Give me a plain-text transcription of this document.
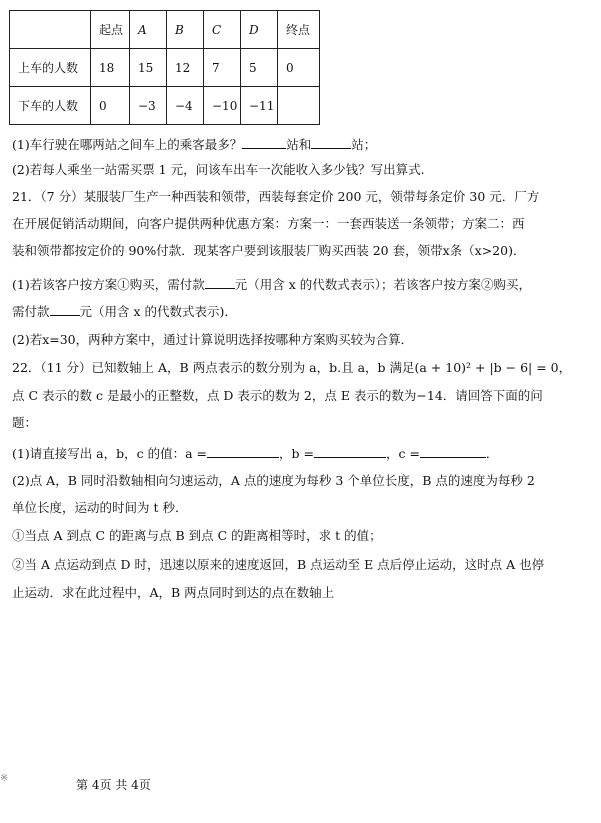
	起点	A	B	C	D	终点
上车的人数	18	15	12	7	5	0
下车的人数	0	−3	−4	−10	−11	
(1)车行驶在哪两站之间车上的乘客最多？	站和	站；
(2)若每人乘坐一站需买票 1 元，问该车出车一次能收入多少钱？写出算式.
21．（7 分）某服装厂生产一种西装和领带，西装每套定价 200 元，领带每条定价 30 元．厂方
在开展促销活动期间，向客户提供两种优惠方案：方案一：一套西装送一条领带；方案二：西
装和领带都按定价的 90%付款．现某客户要到该服装厂购买西装 20 套，领带x条（x>20)．
(1)若该客户按方案①购买，需付款 元（用含 x 的代数式表示）；若该客户按方案②购买，
需付款 元（用含 x 的代数式表示)．
(2)若x=30，两种方案中，通过计算说明选择按哪种方案购买较为合算．
22．（11 分）已知数轴上 A，B 两点表示的数分别为 a，b.且 a，b 满足(a + 10)² + |b − 6| = 0，
点 C 表示的数 c 是最小的正整数，点 D 表示的数为 2，点 E 表示的数为−14．请回答下面的问
题：
(1)请直接写出 a，b，c 的值：a =	，b =	，c =	．
(2)点 A，B 同时沿数轴相向匀速运动，A 点的速度为每秒 3 个单位长度，B 点的速度为每秒 2
单位长度，运动的时间为 t 秒．
①当点 A 到点 C 的距离与点 B 到点 C 的距离相等时，求 t 的值；
②当 A 点运动到点 D 时，迅速以原来的速度返回，B 点运动至 E 点后停止运动，这时点 A 也停
止运动．求在此过程中，A，B 两点同时到达的点在数轴上
※	第 4页 共 4页
